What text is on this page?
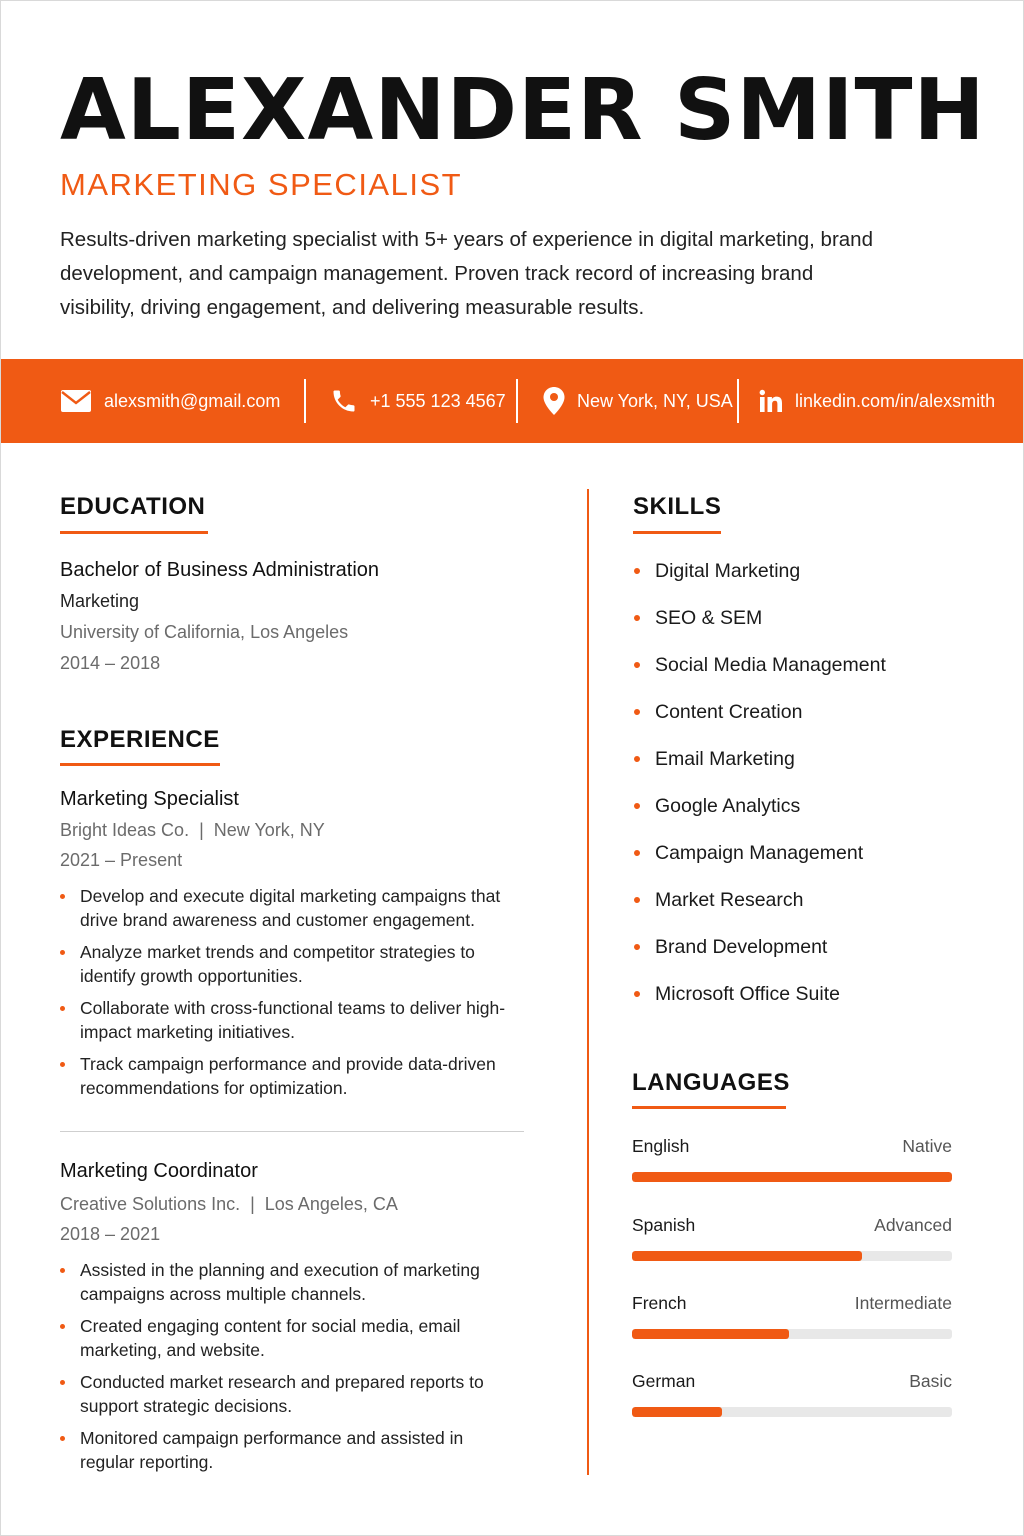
ALEXANDER SMITH
MARKETING SPECIALIST
Results-driven marketing specialist with 5+ years of experience in digital marketing, brand development, and campaign management. Proven track record of increasing brand visibility, driving engagement, and delivering measurable results.
alexsmith@gmail.com	+1 555 123 4567	New York, NY, USA	linkedin.com/in/alexsmith
EDUCATION
Bachelor of Business Administration
Marketing
University of California, Los Angeles
2014 – 2018
EXPERIENCE
Marketing Specialist
Bright Ideas Co.  |  New York, NY
2021 – Present
Develop and execute digital marketing campaigns that drive brand awareness and customer engagement.
Analyze market trends and competitor strategies to identify growth opportunities.
Collaborate with cross-functional teams to deliver high-impact marketing initiatives.
Track campaign performance and provide data-driven recommendations for optimization.
Marketing Coordinator
Creative Solutions Inc.  |  Los Angeles, CA
2018 – 2021
Assisted in the planning and execution of marketing campaigns across multiple channels.
Created engaging content for social media, email marketing, and website.
Conducted market research and prepared reports to support strategic decisions.
Monitored campaign performance and assisted in regular reporting.
SKILLS
Digital Marketing
SEO & SEM
Social Media Management
Content Creation
Email Marketing
Google Analytics
Campaign Management
Market Research
Brand Development
Microsoft Office Suite
LANGUAGES
English	Native
Spanish	Advanced
French	Intermediate
German	Basic
